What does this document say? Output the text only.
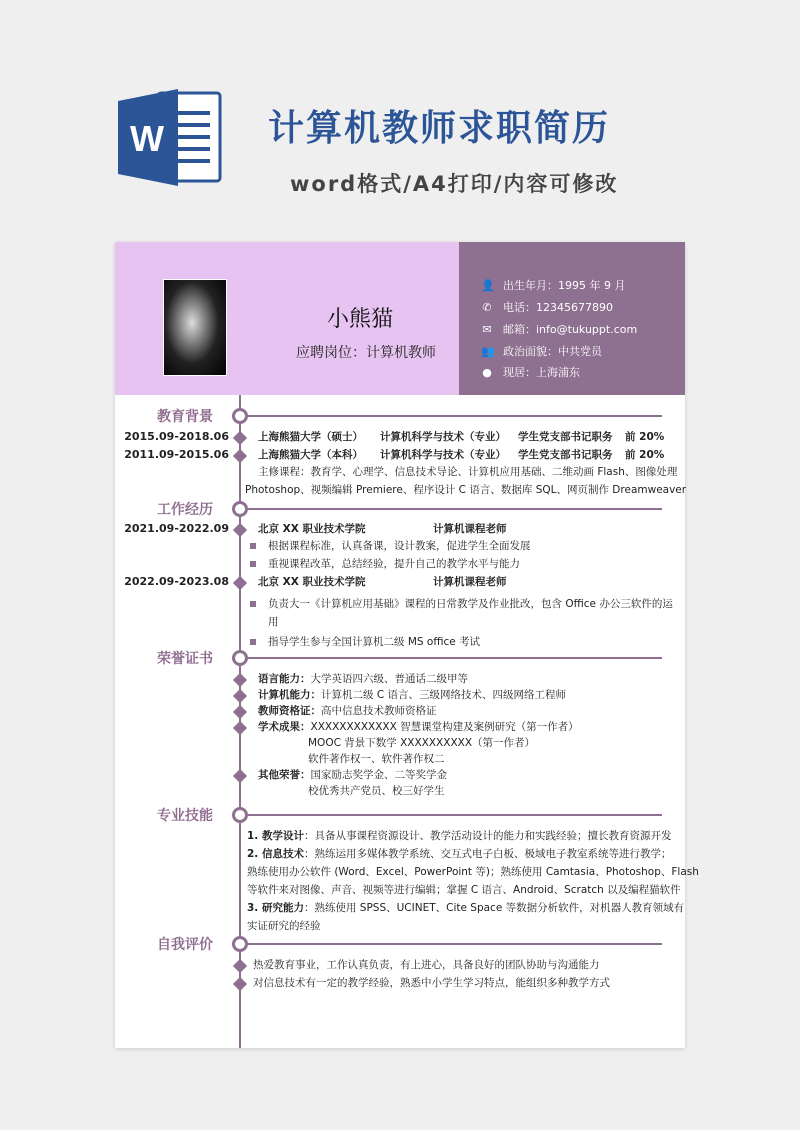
W	计算机教师求职简历
word格式/A4打印/内容可修改
小熊猫
应聘岗位：计算机教师
👤 出生年月：1995 年 9 月
✆ 电话：12345677890
✉ 邮箱：info@tukuppt.com
👥 政治面貌：中共党员
● 现居：上海浦东
教育背景
2015.09-2018.06	上海熊猫大学（硕士） 计算机科学与技术（专业） 学生党支部书记职务 前 20%
2011.09-2015.06	上海熊猫大学（本科） 计算机科学与技术（专业） 学生党支部书记职务 前 20%
主修课程：教育学、心理学、信息技术导论、计算机应用基础、二维动画 Flash、图像处理
Photoshop、视频编辑 Premiere、程序设计 C 语言、数据库 SQL、网页制作 Dreamweaver
工作经历
2021.09-2022.09	北京 XX 职业技术学院	计算机课程老师
根据课程标准，认真备课，设计教案，促进学生全面发展
重视课程改革，总结经验，提升自己的教学水平与能力
2022.09-2023.08	北京 XX 职业技术学院	计算机课程老师
负责大一《计算机应用基础》课程的日常教学及作业批改，包含 Office 办公三软件的运
用
指导学生参与全国计算机二级 MS office 考试
荣誉证书
语言能力：大学英语四六级、普通话二级甲等
计算机能力：计算机二级 C 语言、三级网络技术、四级网络工程师
教师资格证：高中信息技术教师资格证
学术成果：XXXXXXXXXXXX 智慧课堂构建及案例研究（第一作者）
MOOC 背景下数学 XXXXXXXXXX（第一作者）
软件著作权一、软件著作权二
其他荣誉：国家励志奖学金、二等奖学金
校优秀共产党员、校三好学生
专业技能
1. 教学设计：具备从事课程资源设计、教学活动设计的能力和实践经验；擅长教育资源开发
2. 信息技术：熟练运用多媒体教学系统、交互式电子白板、极域电子教室系统等进行教学；
熟练使用办公软件 (Word、Excel、PowerPoint 等)；熟练使用 Camtasia、Photoshop、Flash
等软件来对图像、声音、视频等进行编辑；掌握 C 语言、Android、Scratch 以及编程猫软件
3. 研究能力：熟练使用 SPSS、UCINET、Cite Space 等数据分析软件，对机器人教育领域有
实证研究的经验
自我评价
热爱教育事业，工作认真负责，有上进心，具备良好的团队协助与沟通能力
对信息技术有一定的教学经验，熟悉中小学生学习特点，能组织多种教学方式
